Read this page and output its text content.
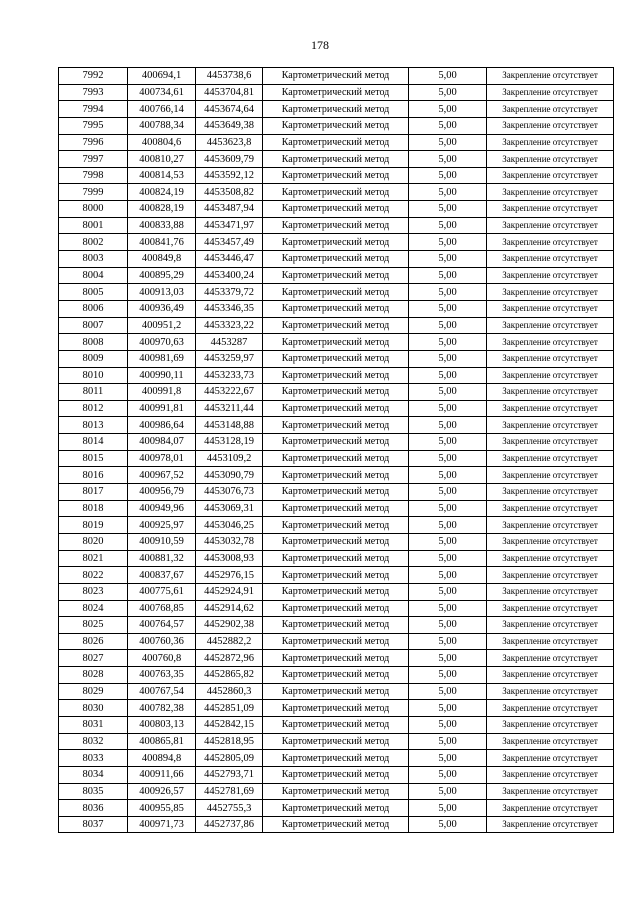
178
7992	400694,1	4453738,6	Картометрический метод	5,00	Закрепление отсутствует
7993	400734,61	4453704,81	Картометрический метод	5,00	Закрепление отсутствует
7994	400766,14	4453674,64	Картометрический метод	5,00	Закрепление отсутствует
7995	400788,34	4453649,38	Картометрический метод	5,00	Закрепление отсутствует
7996	400804,6	4453623,8	Картометрический метод	5,00	Закрепление отсутствует
7997	400810,27	4453609,79	Картометрический метод	5,00	Закрепление отсутствует
7998	400814,53	4453592,12	Картометрический метод	5,00	Закрепление отсутствует
7999	400824,19	4453508,82	Картометрический метод	5,00	Закрепление отсутствует
8000	400828,19	4453487,94	Картометрический метод	5,00	Закрепление отсутствует
8001	400833,88	4453471,97	Картометрический метод	5,00	Закрепление отсутствует
8002	400841,76	4453457,49	Картометрический метод	5,00	Закрепление отсутствует
8003	400849,8	4453446,47	Картометрический метод	5,00	Закрепление отсутствует
8004	400895,29	4453400,24	Картометрический метод	5,00	Закрепление отсутствует
8005	400913,03	4453379,72	Картометрический метод	5,00	Закрепление отсутствует
8006	400936,49	4453346,35	Картометрический метод	5,00	Закрепление отсутствует
8007	400951,2	4453323,22	Картометрический метод	5,00	Закрепление отсутствует
8008	400970,63	4453287	Картометрический метод	5,00	Закрепление отсутствует
8009	400981,69	4453259,97	Картометрический метод	5,00	Закрепление отсутствует
8010	400990,11	4453233,73	Картометрический метод	5,00	Закрепление отсутствует
8011	400991,8	4453222,67	Картометрический метод	5,00	Закрепление отсутствует
8012	400991,81	4453211,44	Картометрический метод	5,00	Закрепление отсутствует
8013	400986,64	4453148,88	Картометрический метод	5,00	Закрепление отсутствует
8014	400984,07	4453128,19	Картометрический метод	5,00	Закрепление отсутствует
8015	400978,01	4453109,2	Картометрический метод	5,00	Закрепление отсутствует
8016	400967,52	4453090,79	Картометрический метод	5,00	Закрепление отсутствует
8017	400956,79	4453076,73	Картометрический метод	5,00	Закрепление отсутствует
8018	400949,96	4453069,31	Картометрический метод	5,00	Закрепление отсутствует
8019	400925,97	4453046,25	Картометрический метод	5,00	Закрепление отсутствует
8020	400910,59	4453032,78	Картометрический метод	5,00	Закрепление отсутствует
8021	400881,32	4453008,93	Картометрический метод	5,00	Закрепление отсутствует
8022	400837,67	4452976,15	Картометрический метод	5,00	Закрепление отсутствует
8023	400775,61	4452924,91	Картометрический метод	5,00	Закрепление отсутствует
8024	400768,85	4452914,62	Картометрический метод	5,00	Закрепление отсутствует
8025	400764,57	4452902,38	Картометрический метод	5,00	Закрепление отсутствует
8026	400760,36	4452882,2	Картометрический метод	5,00	Закрепление отсутствует
8027	400760,8	4452872,96	Картометрический метод	5,00	Закрепление отсутствует
8028	400763,35	4452865,82	Картометрический метод	5,00	Закрепление отсутствует
8029	400767,54	4452860,3	Картометрический метод	5,00	Закрепление отсутствует
8030	400782,38	4452851,09	Картометрический метод	5,00	Закрепление отсутствует
8031	400803,13	4452842,15	Картометрический метод	5,00	Закрепление отсутствует
8032	400865,81	4452818,95	Картометрический метод	5,00	Закрепление отсутствует
8033	400894,8	4452805,09	Картометрический метод	5,00	Закрепление отсутствует
8034	400911,66	4452793,71	Картометрический метод	5,00	Закрепление отсутствует
8035	400926,57	4452781,69	Картометрический метод	5,00	Закрепление отсутствует
8036	400955,85	4452755,3	Картометрический метод	5,00	Закрепление отсутствует
8037	400971,73	4452737,86	Картометрический метод	5,00	Закрепление отсутствует
